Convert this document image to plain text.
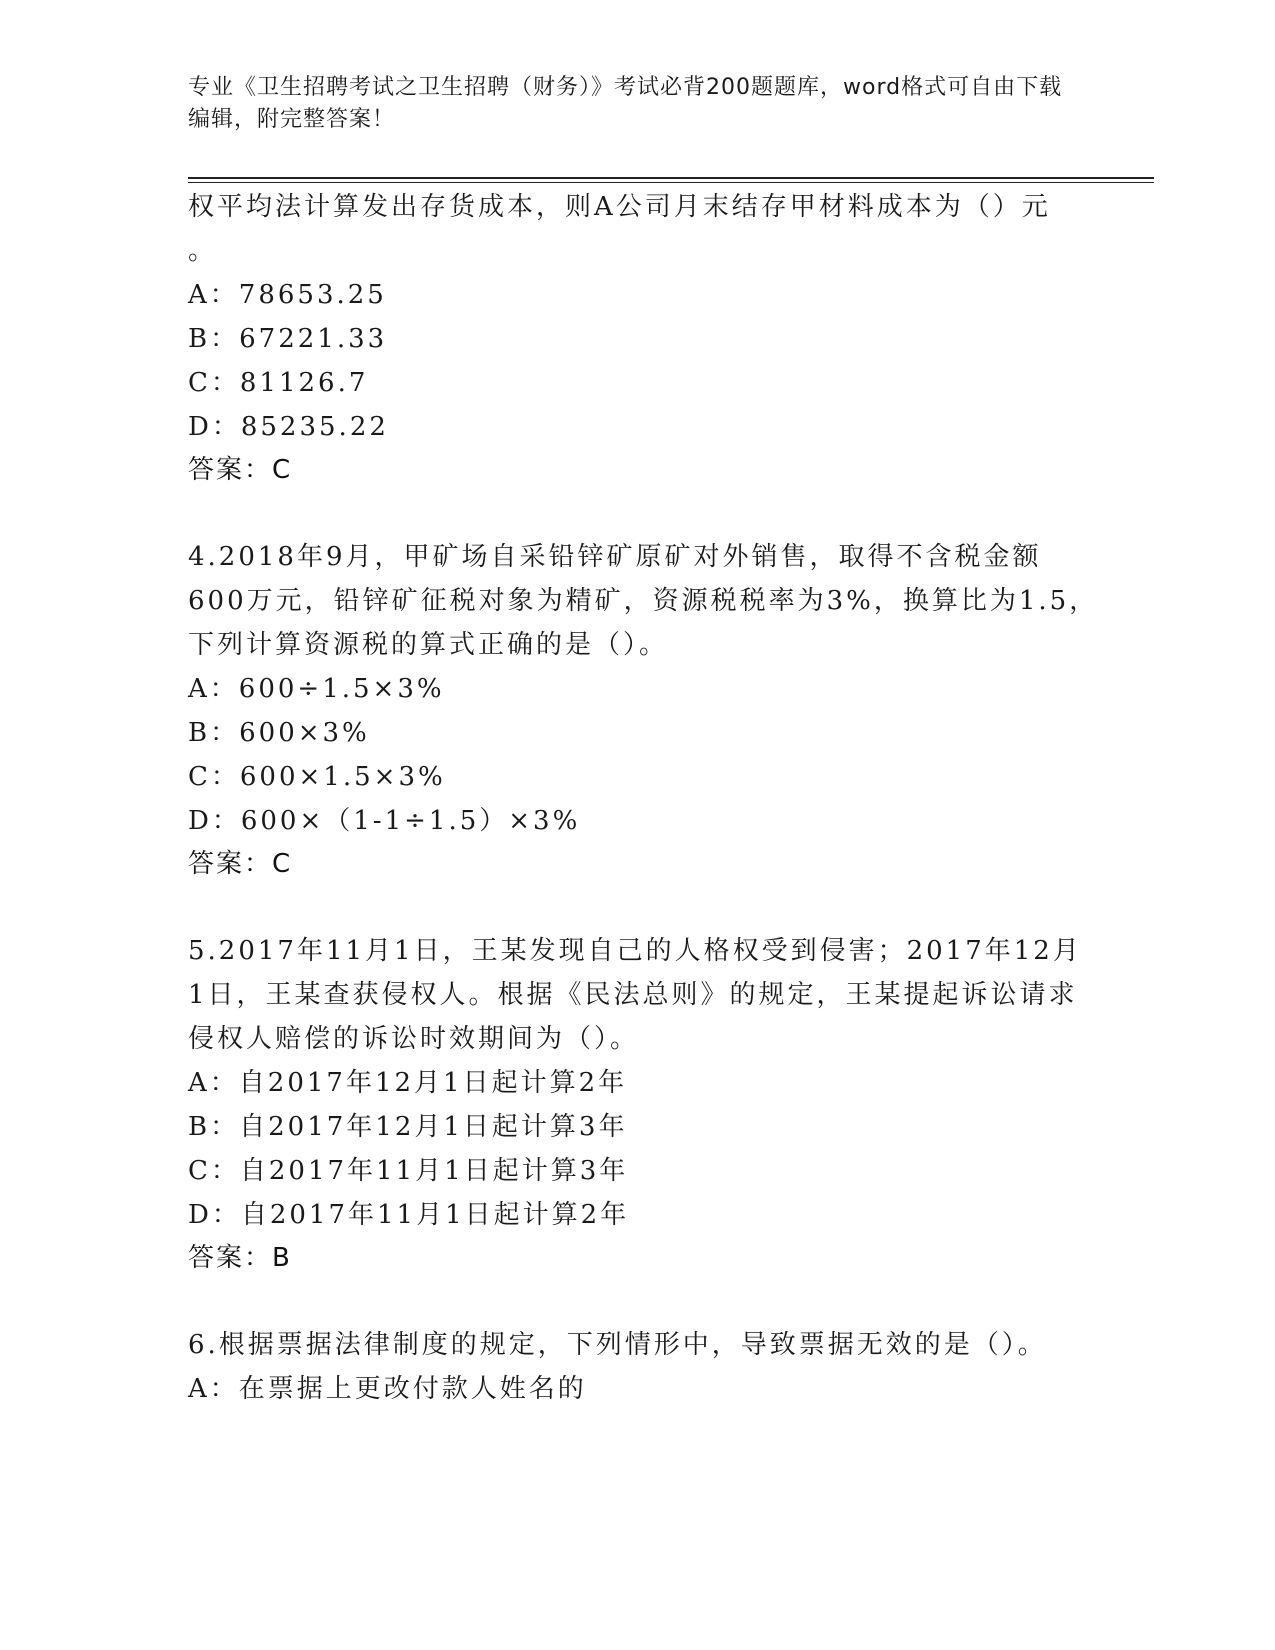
专业《卫生招聘考试之卫生招聘（财务）》考试必背200题题库，word格式可自由下载编辑，附完整答案！
权平均法计算发出存货成本，则A公司月末结存甲材料成本为（）元
。
A：78653.25
B：67221.33
C：81126.7
D：85235.22
答案：C
4.2018年9月，甲矿场自采铅锌矿原矿对外销售，取得不含税金额
600万元，铅锌矿征税对象为精矿，资源税税率为3%，换算比为1.5，
下列计算资源税的算式正确的是（）。
A：600÷1.5×3%
B：600×3%
C：600×1.5×3%
D：600×（1-1÷1.5）×3%
答案：C
5.2017年11月1日，王某发现自己的人格权受到侵害；2017年12月
1日，王某查获侵权人。根据《民法总则》的规定，王某提起诉讼请求
侵权人赔偿的诉讼时效期间为（）。
A：自2017年12月1日起计算2年
B：自2017年12月1日起计算3年
C：自2017年11月1日起计算3年
D：自2017年11月1日起计算2年
答案：B
6.根据票据法律制度的规定，下列情形中，导致票据无效的是（）。
A：在票据上更改付款人姓名的
